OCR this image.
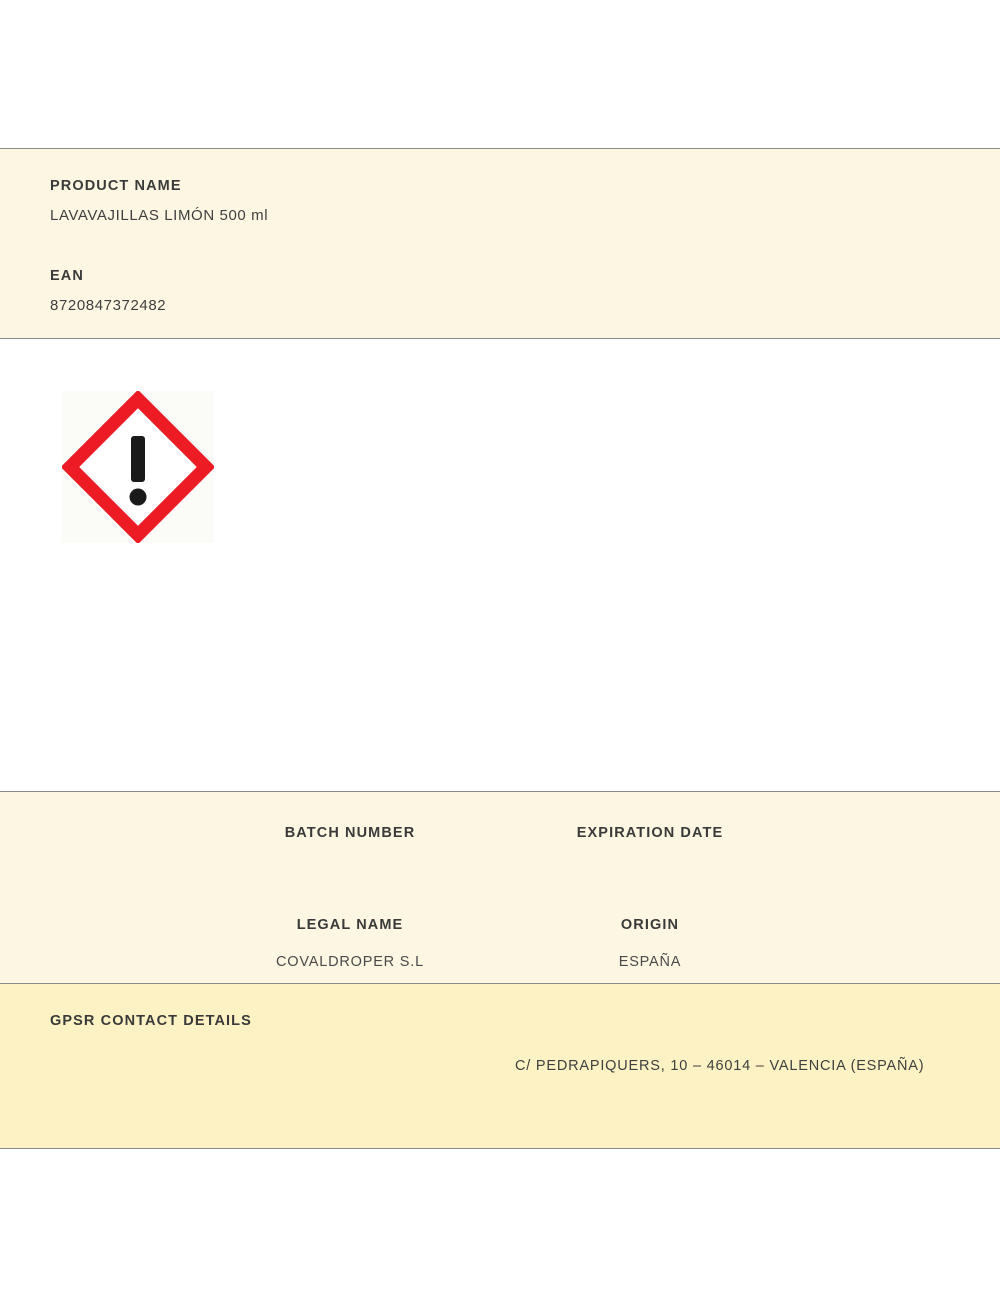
PRODUCT NAME
LAVAVAJILLAS LIMÓN 500 ml
EAN
8720847372482
BATCH NUMBER	EXPIRATION DATE
LEGAL NAME
COVALDROPER S.L
ORIGIN
ESPAÑA
GPSR CONTACT DETAILS
C/ PEDRAPIQUERS, 10 – 46014 – VALENCIA (ESPAÑA)
